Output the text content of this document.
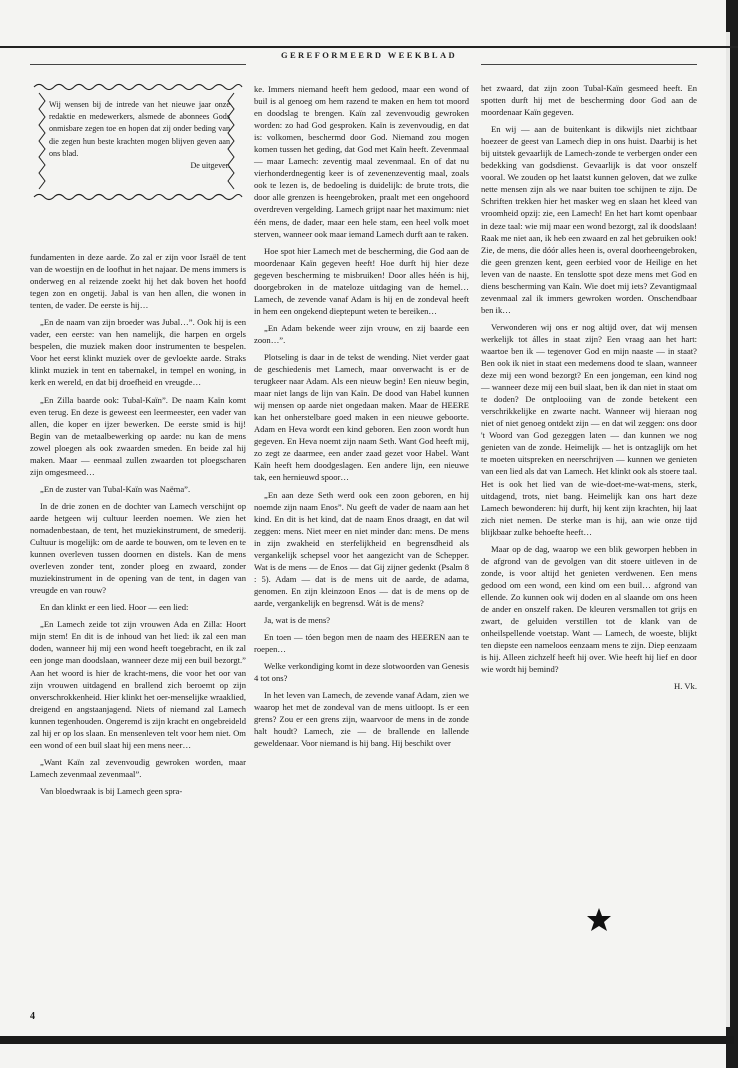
GEREFORMEERD WEEKBLAD
Wij wensen bij de intrede van het nieuwe jaar onze redaktie en medewerkers, alsmede de abonnees Gods onmisbare zegen toe en hopen dat zij onder beding van die zegen hun beste krachten mogen blijven geven aan ons blad.
De uitgever.

fundamenten in deze aarde. Zo zal er zijn voor Israël de tent van de woestijn en de loofhut in het najaar. De mens immers is onderweg en al reizende zoekt hij het dak boven het hoofd tegen zon en ongetij. Jabal is van hen allen, die wonen in tenten, de vader. De eerste is hij…

„En de naam van zijn broeder was Jubal…”. Ook hij is een vader, een eerste: van hen namelijk, die harpen en orgels bespelen, die muziek maken door instrumenten te bespelen. Voor het eerst klinkt muziek over de gevloekte aarde. Straks klinkt muziek in tent en tabernakel, in tempel en woning, in kerk en wereld, en dat bij droefheid en vreugde…

„En Zilla baarde ook: Tubal-Kaïn”. De naam Kaïn komt even terug. En deze is geweest een leermeester, een vader van allen, die koper en ijzer bewerken. De eerste smid is hij! Begin van de metaalbewerking op aarde: nu kan de mens zowel ploegen als ook zwaarden smeden. En beide zal hij maken. Maar — eenmaal zullen zwaarden tot ploegscharen zijn omgesmeed…

„En de zuster van Tubal-Kaïn was Naëma”.

In de drie zonen en de dochter van Lamech verschijnt op aarde hetgeen wij cultuur leerden noemen. We zien het nomadenbestaan, de tent, het muziekinstrument, de smederij. Cultuur is mogelijk: om de aarde te bouwen, om te leven en te kunnen overleven tussen doornen en distels. Kan de mens overleven zonder tent, zonder ploeg en zwaard, zonder muziekinstrument in de opening van de tent, in dagen van vreugde en van rouw?

En dan klinkt er een lied. Hoor — een lied:

„En Lamech zeide tot zijn vrouwen Ada en Zilla: Hoort mijn stem! En dit is de inhoud van het lied: ik zal een man doden, wanneer hij mij een wond heeft toegebracht, en ik zal een jonge man doodslaan, wanneer deze mij een buil bezorgt.” Aan het woord is hier de kracht-mens, die voor het oor van zijn vrouwen uitdagend en brallend zich beroemt op zijn onverschrokkenheid. Hier klinkt het oer-menselijke wraaklied, dreigend en angstaanjagend. Niets of niemand zal Lamech kunnen tegenhouden. Ongeremd is zijn kracht en ongebreideld zal hij er op los slaan. En mensenleven telt voor hem niet. Om een wond of een buil slaat hij een mens neer…

„Want Kaïn zal zevenvoudig gewroken worden, maar Lamech zevenmaal zevenmaal”.

Van bloedwraak is bij Lamech geen spra-

ke. Immers niemand heeft hem gedood, maar een wond of buil is al genoeg om hem razend te maken en hem tot moord en doodslag te brengen. Kaïn zal zevenvoudig gewroken worden: zo had God gesproken. Kaïn is zevenvoudig, en dat is: volkomen, beschermd door God. Niemand zou mogen komen tussen het geding, dat God met Kaïn heeft. Zevenmaal — maar Lamech: zeventig maal zevenmaal. En of dat nu vierhonderdnegentig keer is of zevenenzeventig maal, zoals ook te lezen is, de bedoeling is duidelijk: de brute trots, die door alle grenzen is heengebroken, praalt met een ongehoord overdreven vergelding. Lamech grijpt naar het maximum: niet één mens, de dader, maar een hele stam, een heel volk moet sterven, wanneer ook maar iemand Lamech durft aan te raken.

Hoe spot hier Lamech met de bescherming, die God aan de moordenaar Kaïn gegeven heeft! Hoe durft hij hier deze gegeven bescherming te misbruiken! Door alles héén is hij, doorgebroken in de mateloze uitdaging van de hemel… Lamech, de zevende vanaf Adam is hij en de zondeval heeft in hem een ongekend dieptepunt weten te bereiken…

„En Adam bekende weer zijn vrouw, en zij baarde een zoon…”.

Plotseling is daar in de tekst de wending. Niet verder gaat de geschiedenis met Lamech, maar onverwacht is er de terugkeer naar Adam. Als een nieuw begin! Een nieuw begin, maar niet langs de lijn van Kaïn. De dood van Habel kunnen wij mensen op aarde niet ongedaan maken. Maar de HEERE kan het onherstelbare goed maken in een nieuwe geboorte. Adam en Heva wordt een kind geboren. Een zoon wordt hun gegeven. En Heva noemt zijn naam Seth. Want God heeft mij, zo zegt ze daarmee, een ander zaad gezet voor Habel. Want Kaïn heeft hem doodgeslagen. Een andere lijn, een nieuwe tak, een hernieuwd spoor…

„En aan deze Seth werd ook een zoon geboren, en hij noemde zijn naam Enos”. Nu geeft de vader de naam aan het kind. En dit is het kind, dat de naam Enos draagt, en dat wil zeggen: mens. Niet meer en niet minder dan: mens. De mens in zijn zwakheid en sterfelijkheid en begrensdheid als vergankelijk schepsel voor het aangezicht van de Schepper. Wat is de mens — de Enos — dat Gij zijner gedenkt (Psalm 8 : 5). Adam — dat is de mens uit de aarde, de adama, genomen. En zijn kleinzoon Enos — dat is de mens op de aarde, vergankelijk en begrensd. Wát is de mens?

Ja, wat is de mens?

En toen — tóen begon men de naam des HEEREN aan te roepen…

Welke verkondiging komt in deze slotwoorden van Genesis 4 tot ons?

In het leven van Lamech, de zevende vanaf Adam, zien we waarop het met de zondeval van de mens uitloopt. Is er een grens? Zou er een grens zijn, waarvoor de mens in de zonde halt houdt? Lamech, zie — de brallende en lallende geweldenaar. Voor niemand is hij bang. Hij beschikt over

het zwaard, dat zijn zoon Tubal-Kaïn gesmeed heeft. En spotten durft hij met de bescherming door God aan de moordenaar Kaïn gegeven.

En wij — aan de buitenkant is dikwijls niet zichtbaar hoezeer de geest van Lamech diep in ons huist. Daarbij is het bij uitstek gevaarlijk de Lamech-zonde te verbergen onder een bedekking van godsdienst. Gevaarlijk is dat voor onszelf vooral. We zouden op het laatst kunnen geloven, dat we zulke nette mensen zijn als we naar buiten toe schijnen te zijn. De Schriften trekken hier het masker weg en slaan het kleed van vroomheid opzij: zie, een Lamech! En het hart komt openbaar in deze taal: wie mij maar een wond bezorgt, zal ik doodslaan! Raak me niet aan, ik heb een zwaard en zal het gebruiken ook! Zie, de mens, die dóór alles heen is, overal doorheengebroken, die geen grenzen kent, geen eerbied voor de Heilige en het leven van de naaste. En tenslotte spot deze mens met God en diens bescherming van Kaïn. Wie doet mij iets? Zevantigmaal zevenmaal zal ik immers gewroken worden. Onschendbaar ben ik…

Verwonderen wij ons er nog altijd over, dat wij mensen werkelijk tot álles in staat zijn? Een vraag aan het hart: waartoe ben ik — tegenover God en mijn naaste — in staat? Ben ook ik niet in staat een medemens dood te slaan, wanneer deze mij een wond bezorgt? En een jongeman, een kind nog — wanneer deze mij een buil slaat, ben ik dan niet in staat om te doden? De ontplooiing van de zonde betekent een verschrikkelijke en zwarte nacht. Wanneer wij hieraan nog niet of niet genoeg ontdekt zijn — en dat wil zeggen: ons door 't Woord van God gezeggen laten — dan kunnen we nog genieten van de zonde. Heimelijk — het is ontzaglijk om het te moeten uitspreken en neerschrijven — kunnen we genieten van een lied als dat van Lamech. Het klinkt ook als stoere taal. Het is ook het lied van de wie-doet-me-wat-mens, sterk, uitdagend, trots, niet bang. Heimelijk kan ons hart deze Lamech bewonderen: hij durft, hij kent zijn krachten, hij laat zich niet nemen. De sterke man is hij, aan wie onze tijd blijkbaar zulke behoefte heeft…

Maar op de dag, waarop we een blik geworpen hebben in de afgrond van de gevolgen van dit stoere uitleven in de zonde, is voor altijd het genieten verdwenen. Een mens gedood om een wond, een kind om een buil… afgrond van ellende. Zo kunnen ook wij doden en al slaande om ons heen de ander en onszelf raken. De kleuren versmallen tot grijs en zwart, de geluiden verstillen tot de klank van de onheilspellende voetstap. Want — Lamech, de woeste, blijkt ten diepste een nameloos eenzaam mens te zijn. Diep eenzaam is hij. Alleen zichzelf heeft hij over. Wie heeft hij lief en door wie wordt hij bemind?

H. Vk.
4
